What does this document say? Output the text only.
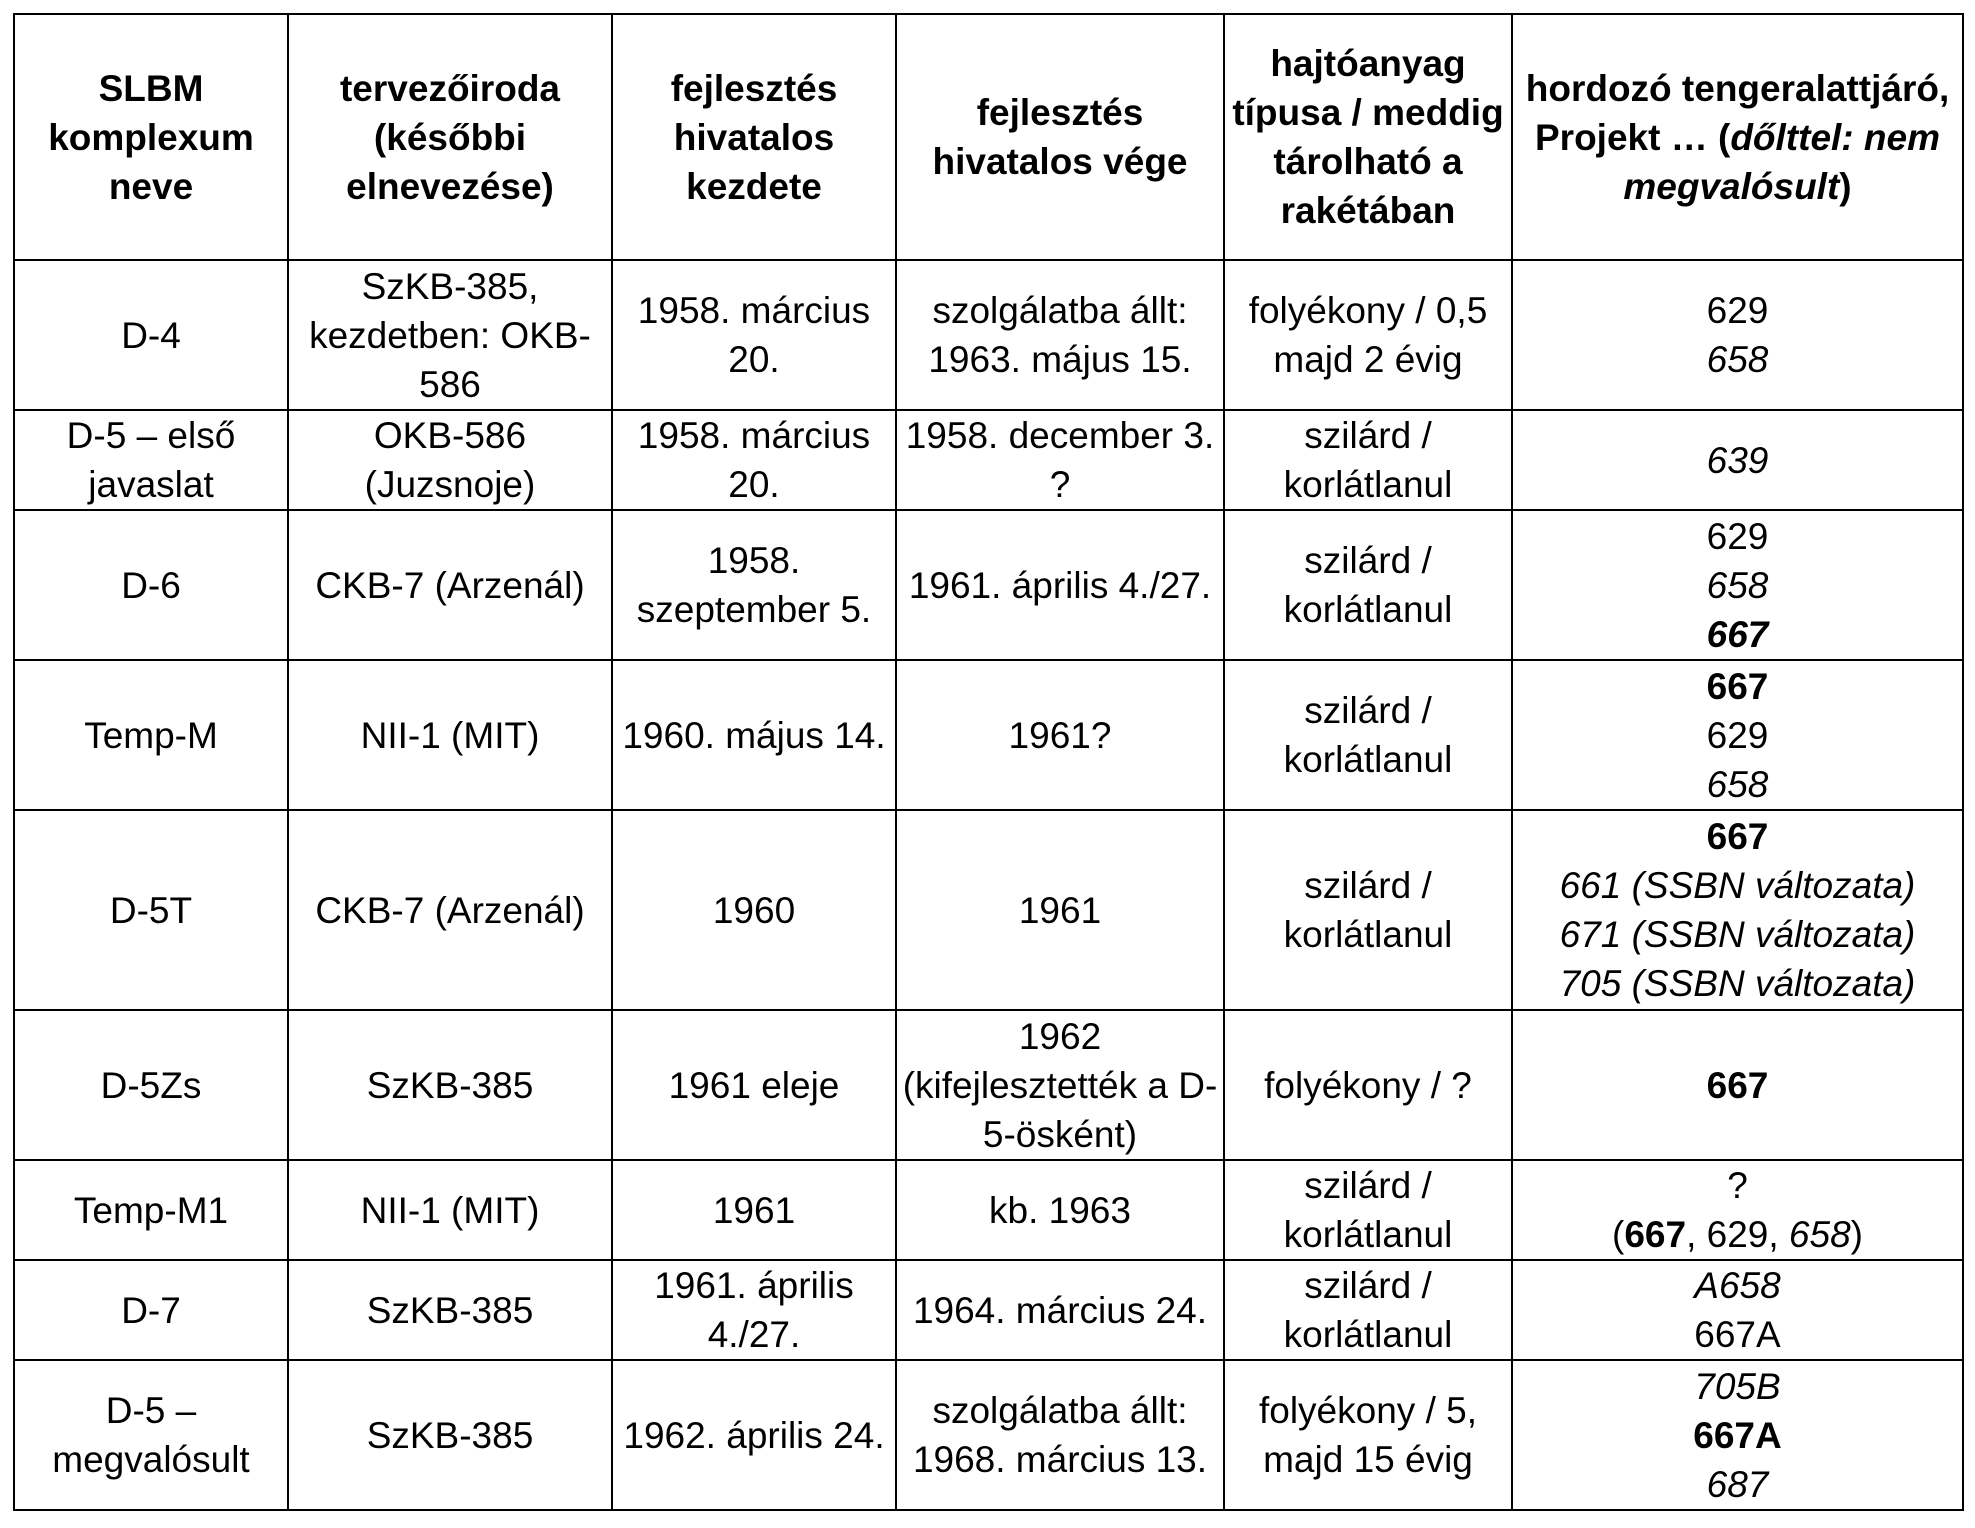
SLBM komplexum neve	tervezőiroda (későbbi elnevezése)	fejlesztés hivatalos kezdete	fejlesztés hivatalos vége	hajtóanyag típusa / meddig tárolható a rakétában	hordozó tengeralattjáró, Projekt … (dőlttel: nem megvalósult)
D-4	SzKB-385, kezdetben: OKB-586	1958. március 20.	szolgálatba állt: 1963. május 15.	folyékony / 0,5 majd 2 évig	629
658

D-5 – első javaslat	OKB-586 (Juzsnoje)	1958. március 20.	1958. december 3. ?	szilárd / korlátlanul	639

D-6	CKB-7 (Arzenál)	1958. szeptember 5.	1961. április 4./27.	szilárd / korlátlanul	629
658
667

Temp-M	NII-1 (MIT)	1960. május 14.	1961?	szilárd / korlátlanul	667
629
658

D-5T	CKB-7 (Arzenál)	1960	1961	szilárd / korlátlanul	667
661 (SSBN változata)
671 (SSBN változata)
705 (SSBN változata)

D-5Zs	SzKB-385	1961 eleje	1962 (kifejlesztették a D-5-ösként)	folyékony / ?	667

Temp-M1	NII-1 (MIT)	1961	kb. 1963	szilárd / korlátlanul	?
(667, 629, 658)

D-7	SzKB-385	1961. április 4./27.	1964. március 24.	szilárd / korlátlanul	A658
667A

D-5 – megvalósult	SzKB-385	1962. április 24.	szolgálatba állt: 1968. március 13.	folyékony / 5, majd 15 évig	705B
667A
687
